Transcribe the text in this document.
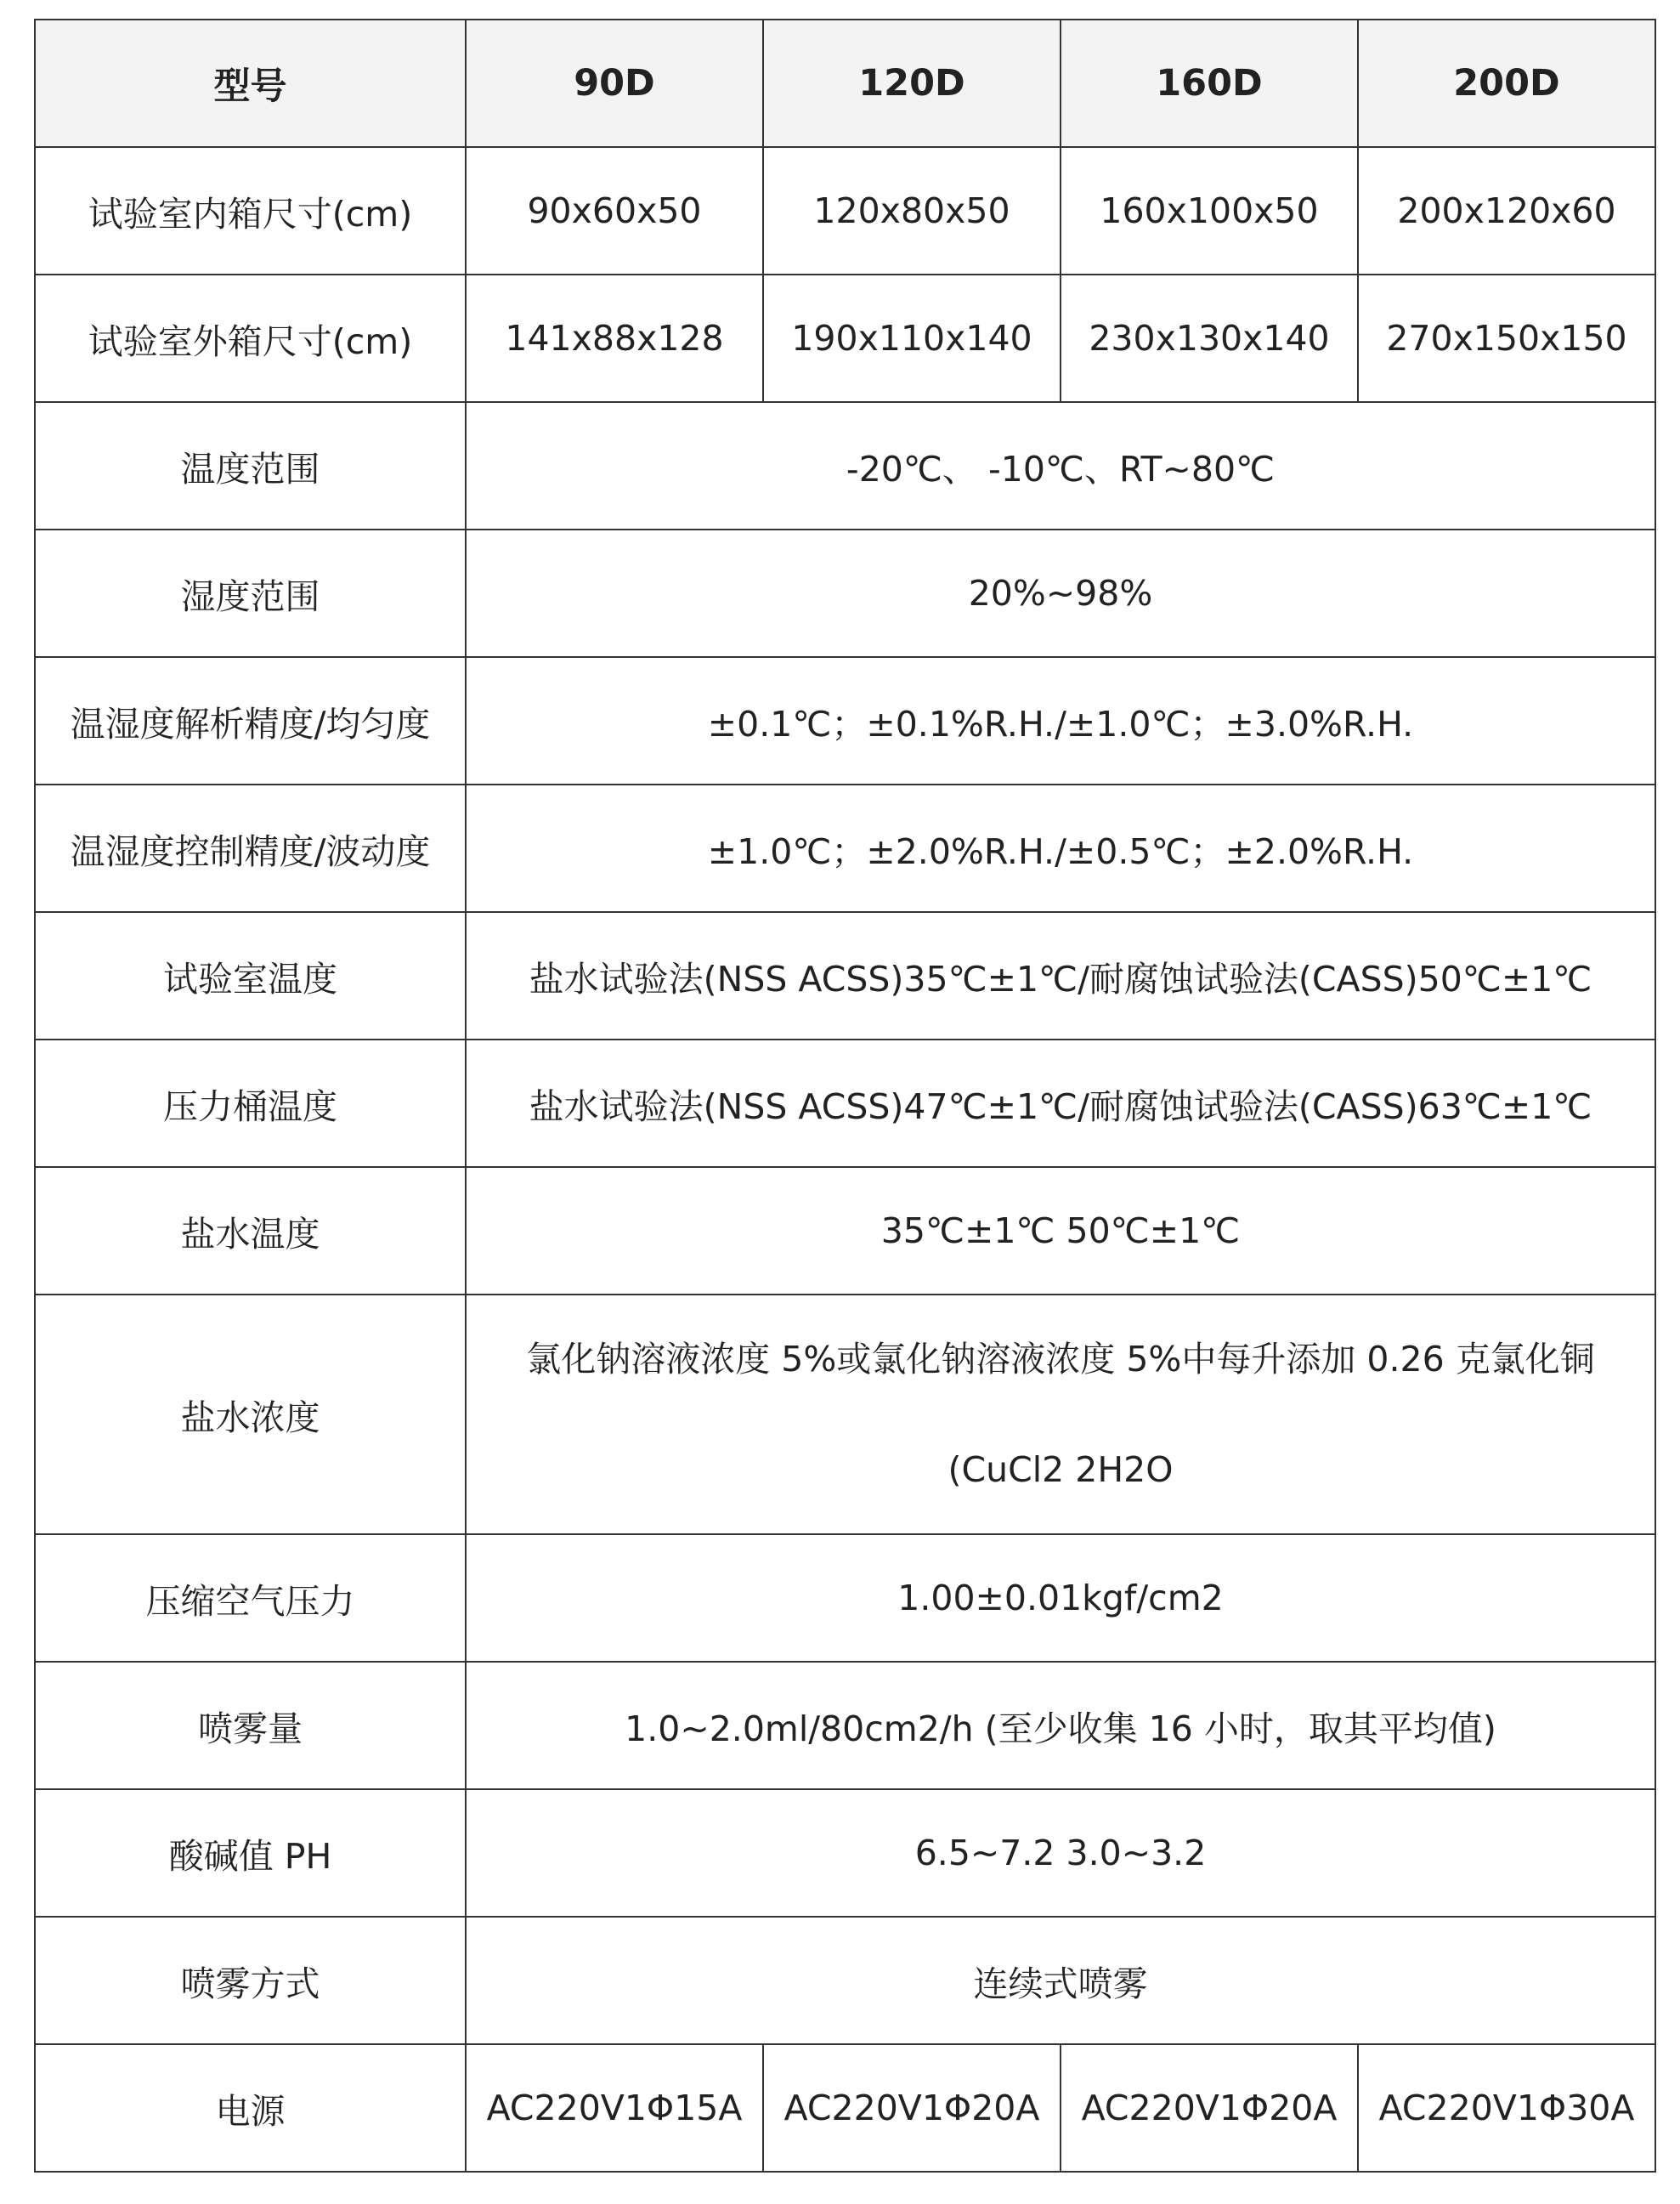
型号	90D	120D	160D	200D
试验室内箱尺寸(cm)	90x60x50	120x80x50	160x100x50	200x120x60
试验室外箱尺寸(cm)	141x88x128	190x110x140	230x130x140	270x150x150
温度范围	-20℃、 -10℃、RT~80℃			
湿度范围	20%~98%			
温湿度解析精度/均匀度	±0.1℃；±0.1%R.H./±1.0℃；±3.0%R.H.			
温湿度控制精度/波动度	±1.0℃；±2.0%R.H./±0.5℃；±2.0%R.H.			
试验室温度	盐水试验法(NSS ACSS)35℃±1℃/耐腐蚀试验法(CASS)50℃±1℃			
压力桶温度	盐水试验法(NSS ACSS)47℃±1℃/耐腐蚀试验法(CASS)63℃±1℃			
盐水温度	35℃±1℃ 50℃±1℃			
盐水浓度	氯化钠溶液浓度 5%或氯化钠溶液浓度 5%中每升添加 0.26 克氯化铜
(CuCl2 2H2O			

压缩空气压力	1.00±0.01kgf/cm2			
喷雾量	1.0~2.0ml/80cm2/h (至少收集 16 小时，取其平均值)			
酸碱值 PH	6.5~7.2 3.0~3.2			
喷雾方式	连续式喷雾			
电源	AC220V1Φ15A	AC220V1Φ20A	AC220V1Φ20A	AC220V1Φ30A
